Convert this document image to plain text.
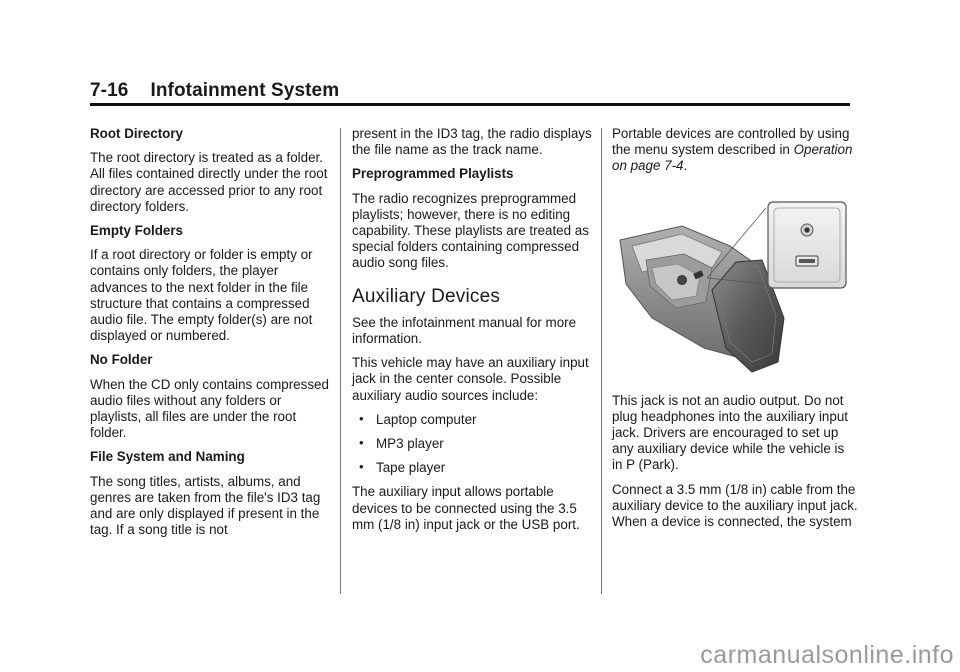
7-16 Infotainment System
Root Directory
The root directory is treated as a folder. All files contained directly under the root directory are accessed prior to any root directory folders.
Empty Folders
If a root directory or folder is empty or contains only folders, the player advances to the next folder in the file structure that contains a compressed audio file. The empty folder(s) are not displayed or numbered.
No Folder
When the CD only contains compressed audio files without any folders or playlists, all files are under the root folder.
File System and Naming
The song titles, artists, albums, and genres are taken from the file's ID3 tag and are only displayed if present in the tag. If a song title is not
present in the ID3 tag, the radio displays the file name as the track name.
Preprogrammed Playlists
The radio recognizes preprogrammed playlists; however, there is no editing capability. These playlists are treated as special folders containing compressed audio song files.
Auxiliary Devices
See the infotainment manual for more information.
This vehicle may have an auxiliary input jack in the center console. Possible auxiliary audio sources include:
• Laptop computer
• MP3 player
• Tape player
The auxiliary input allows portable devices to be connected using the 3.5 mm (1/8 in) input jack or the USB port.
Portable devices are controlled by using the menu system described in Operation on page 7-4.
This jack is not an audio output. Do not plug headphones into the auxiliary input jack. Drivers are encouraged to set up any auxiliary device while the vehicle is in P (Park).
Connect a 3.5 mm (1/8 in) cable from the auxiliary device to the auxiliary input jack. When a device is connected, the system
carmanualsonline.info
